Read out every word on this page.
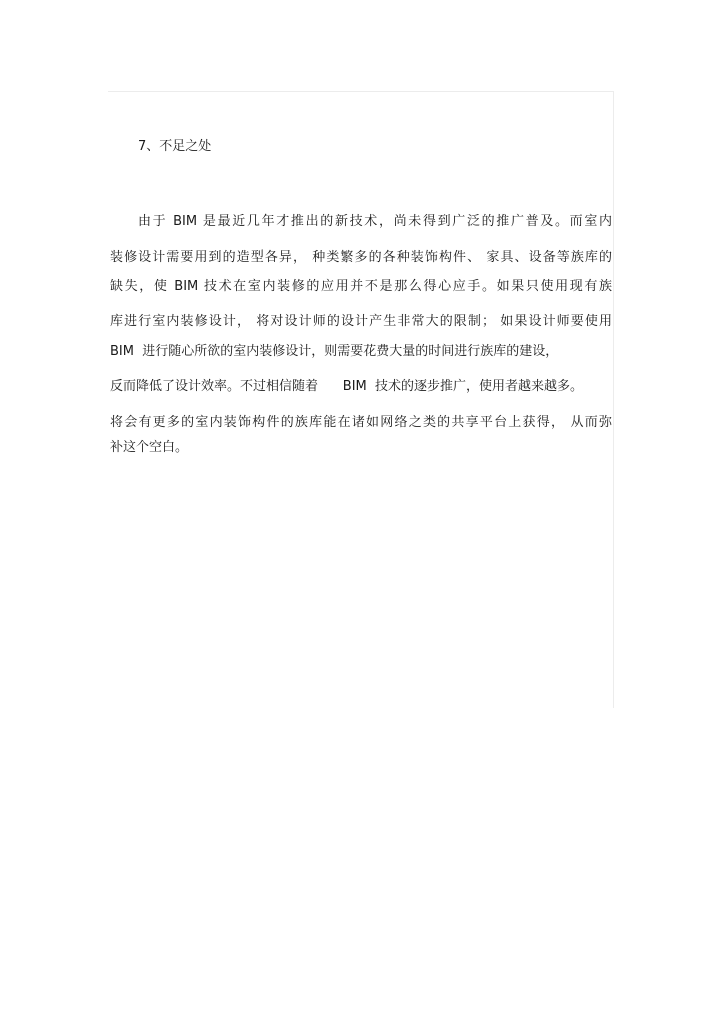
7、不足之处
由于 BIM 是最近几年才推出的新技术，尚未得到广泛的推广普及。而室内
装修设计需要用到的造型各异， 种类繁多的各种装饰构件、 家具、设备等族库的
缺失，使 BIM 技术在室内装修的应用并不是那么得心应手。如果只使用现有族
库进行室内装修设计， 将对设计师的设计产生非常大的限制； 如果设计师要使用
BIM  进行随心所欲的室内装修设计，则需要花费大量的时间进行族库的建设，
反而降低了设计效率。不过相信随着      BIM  技术的逐步推广，使用者越来越多。
将会有更多的室内装饰构件的族库能在诸如网络之类的共享平台上获得， 从而弥
补这个空白。
